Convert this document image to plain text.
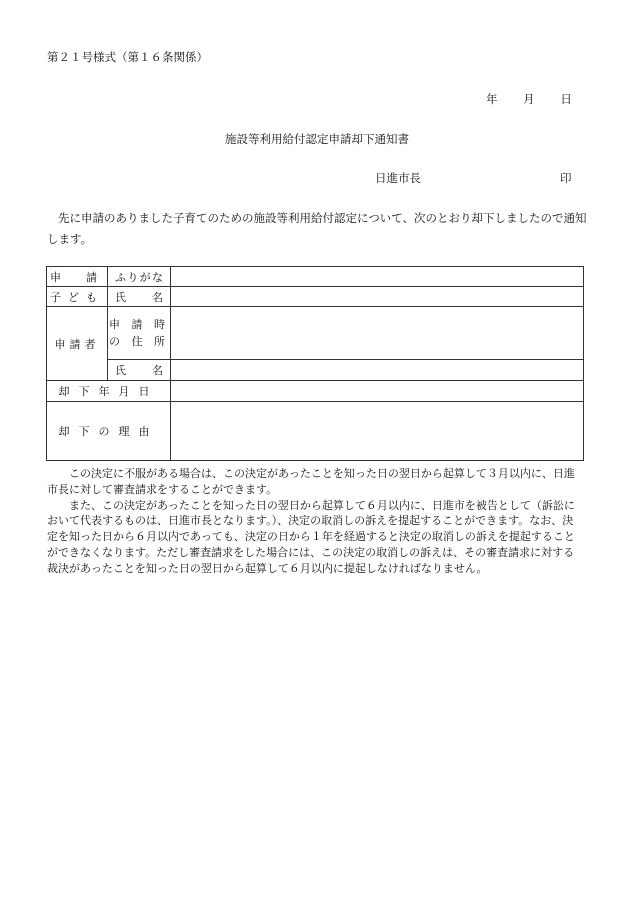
第２１号様式（第１６条関係）
年 月 日
施設等利用給付認定申請却下通知書
日進市長	印
先に申請のありました子育てのための施設等利用給付認定について、次のとおり却下しましたので通知します。
申　請	ふりがな	
子ども	氏　　名	
申請者	申 請 時
の 住 所	

	氏　　名	
却下年月日		
却下の理由		

この決定に不服がある場合は、この決定があったことを知った日の翌日から起算して３月以内に、日進市長に対して審査請求をすることができます。

また、この決定があったことを知った日の翌日から起算して６月以内に、日進市を被告として（訴訟において代表するものは、日進市長となります。）、決定の取消しの訴えを提起することができます。なお、決定を知った日から６月以内であっても、決定の日から１年を経過すると決定の取消しの訴えを提起することができなくなります。ただし審査請求をした場合には、この決定の取消しの訴えは、その審査請求に対する裁決があったことを知った日の翌日から起算して６月以内に提起しなければなりません。
